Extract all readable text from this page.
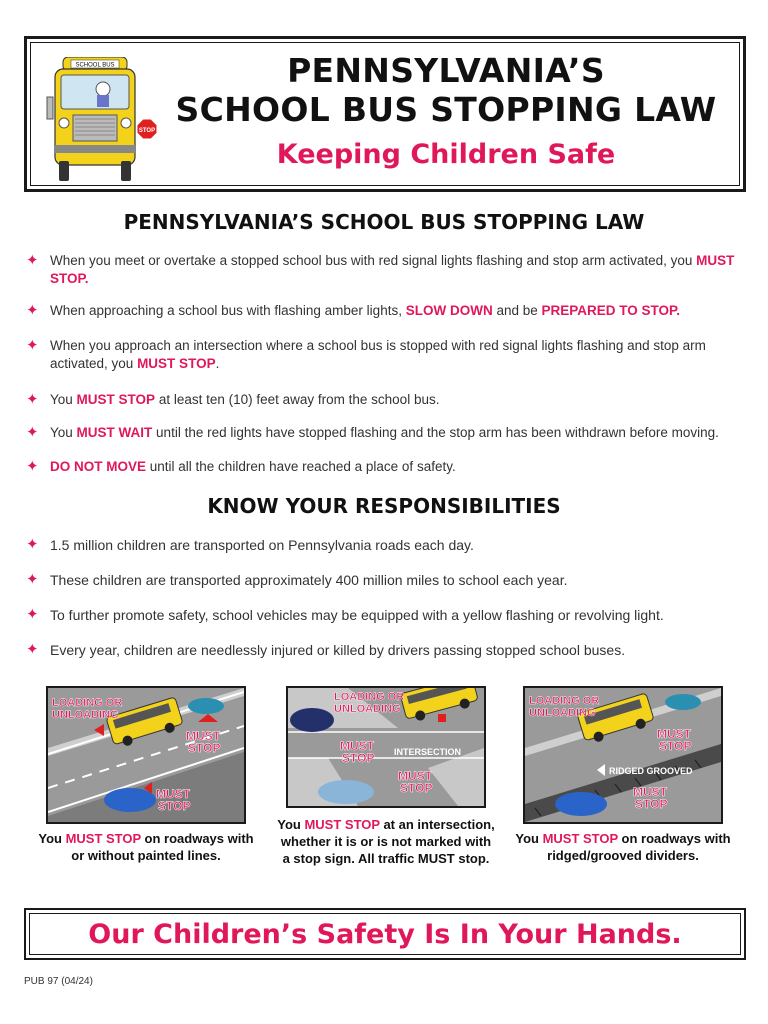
SCHOOL BUS
STOP
PENNSYLVANIA’S
SCHOOL BUS STOPPING LAW
Keeping Children Safe
PENNSYLVANIA’S SCHOOL BUS STOPPING LAW
✦ When you meet or overtake a stopped school bus with red signal lights flashing and stop arm activated, you MUST STOP.
✦ When approaching a school bus with flashing amber lights, SLOW DOWN and be PREPARED TO STOP.
✦ When you approach an intersection where a school bus is stopped with red signal lights flashing and stop arm activated, you MUST STOP.
✦ You MUST STOP at least ten (10) feet away from the school bus.
✦ You MUST WAIT until the red lights have stopped flashing and the stop arm has been withdrawn before moving.
✦ DO NOT MOVE until all the children have reached a place of safety.
KNOW YOUR RESPONSIBILITIES
✦ 1.5 million children are transported on Pennsylvania roads each day.
✦ These children are transported approximately 400 million miles to school each year.
✦ To further promote safety, school vehicles may be equipped with a yellow flashing or revolving light.
✦ Every year, children are needlessly injured or killed by drivers passing stopped school buses.
LOADING OR
UNLOADING
MUST
STOP
MUST
STOP
You MUST STOP on roadways with or without painted lines.
LOADING OR
UNLOADING
MUST
STOP INTERSECTION
MUST
STOP
You MUST STOP at an intersection, whether it is or is not marked with a stop sign. All traffic MUST stop.
LOADING OR
UNLOADING
MUST
STOP
RIDGED GROOVED
MUST
STOP
You MUST STOP on roadways with ridged/grooved dividers.
Our Children’s Safety Is In Your Hands.
PUB 97 (04/24)
